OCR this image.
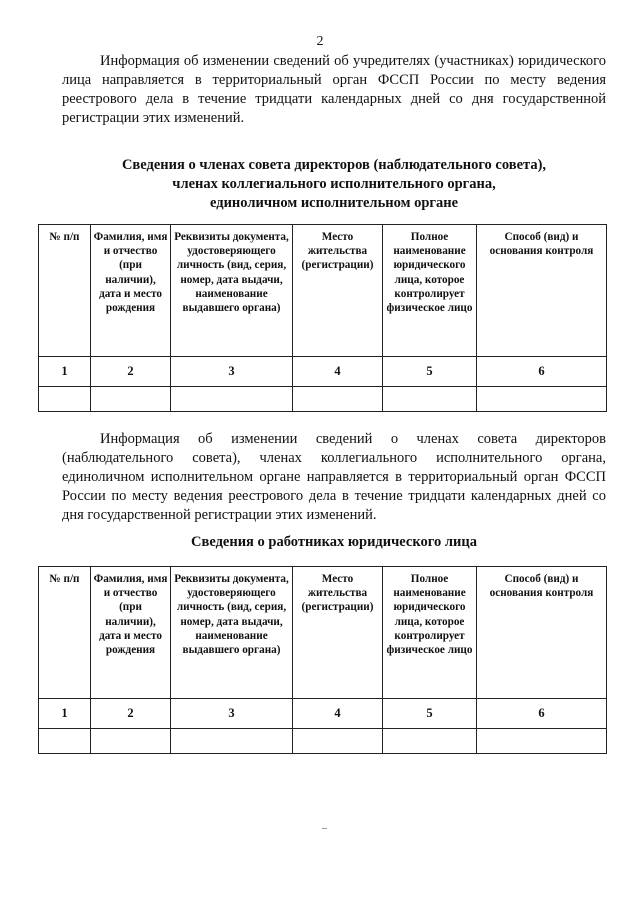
2

Информация об изменении сведений об учредителях (участниках) юридического лица направляется в территориальный орган ФССП России по месту ведения реестрового дела в течение тридцати календарных дней со дня государственной регистрации этих изменений.

Сведения о членах совета директоров (наблюдательного совета),
членах коллегиального исполнительного органа,
единоличном исполнительном органе
№ п/п	Фамилия, имя и отчество (при наличии), дата и место рождения	Реквизиты документа, удостоверяющего личность (вид, серия, номер, дата выдачи, наименование выдавшего органа)	Место жительства (регистрации)	Полное наименование юридического лица, которое контролирует физическое лицо	Способ (вид) и основания контроля
1	2	3	4	5	6

Информация об изменении сведений о членах совета директоров (наблюдательного совета), членах коллегиального исполнительного органа, единоличном исполнительном органе направляется в территориальный орган ФССП России по месту ведения реестрового дела в течение тридцати календарных дней со дня государственной регистрации этих изменений.

Сведения о работниках юридического лица
№ п/п	Фамилия, имя и отчество (при наличии), дата и место рождения	Реквизиты документа, удостоверяющего личность (вид, серия, номер, дата выдачи, наименование выдавшего органа)	Место жительства (регистрации)	Полное наименование юридического лица, которое контролирует физическое лицо	Способ (вид) и основания контроля
1	2	3	4	5	6
